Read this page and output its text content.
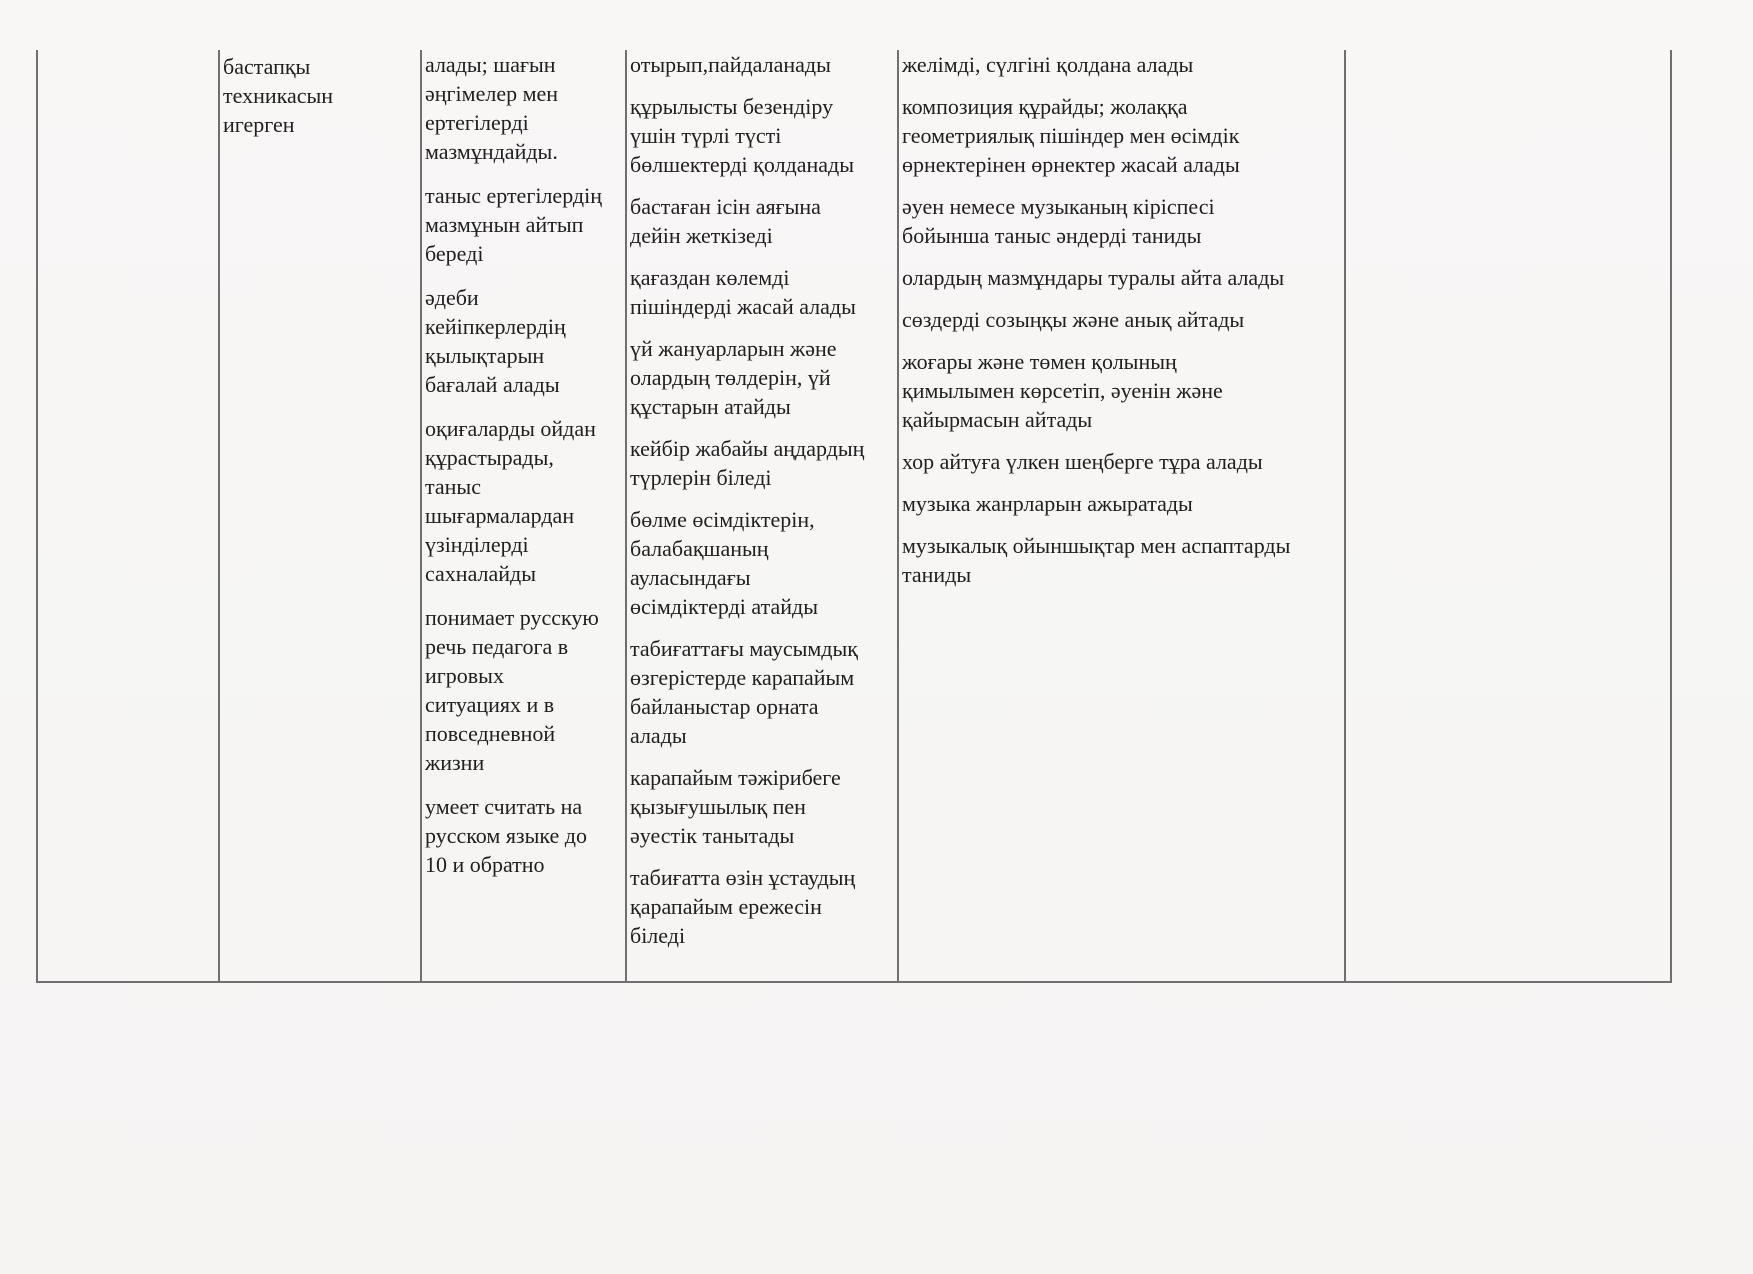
бастапқы
техникасын
игерген
алады; шағын
әңгімелер мен
ертегілерді
мазмұндайды.
таныс ертегілердің
мазмұнын айтып
береді
әдеби
кейіпкерлердің
қылықтарын
бағалай алады
оқиғаларды ойдан
құрастырады,
таныс
шығармалардан
үзінділерді
сахналайды
понимает русскую
речь педагога в
игровых
ситуациях и в
повседневной
жизни
умеет считать на
русском языке до
10 и обратно
отырып,пайдаланады
құрылысты безендіру
үшін түрлі түсті
бөлшектерді қолданады
бастаған ісін аяғына
дейін жеткізеді
қағаздан көлемді
пішіндерді жасай алады
үй жануарларын және
олардың төлдерін, үй
құстарын атайды
кейбір жабайы аңдардың
түрлерін біледі
бөлме өсімдіктерін,
балабақшаның
ауласындағы
өсімдіктерді атайды
табиғаттағы маусымдық
өзгерістерде карапайым
байланыстар орната
алады
карапайым тәжірибеге
қызығушылық пен
әуестік танытады
табиғатта өзін ұстаудың
қарапайым ережесін
біледі
желімді, сүлгіні қолдана алады
композиция құрайды; жолаққа
геометриялық пішіндер мен өсімдік
өрнектерінен өрнектер жасай алады
әуен немесе музыканың кіріспесі
бойынша таныс әндерді таниды
олардың мазмұндары туралы айта алады
сөздерді созыңқы және анық айтады
жоғары және төмен қолының
қимылымен көрсетіп, әуенін және
қайырмасын айтады
хор айтуға үлкен шеңберге тұра алады
музыка жанрларын ажыратады
музыкалық ойыншықтар мен аспаптарды
таниды
